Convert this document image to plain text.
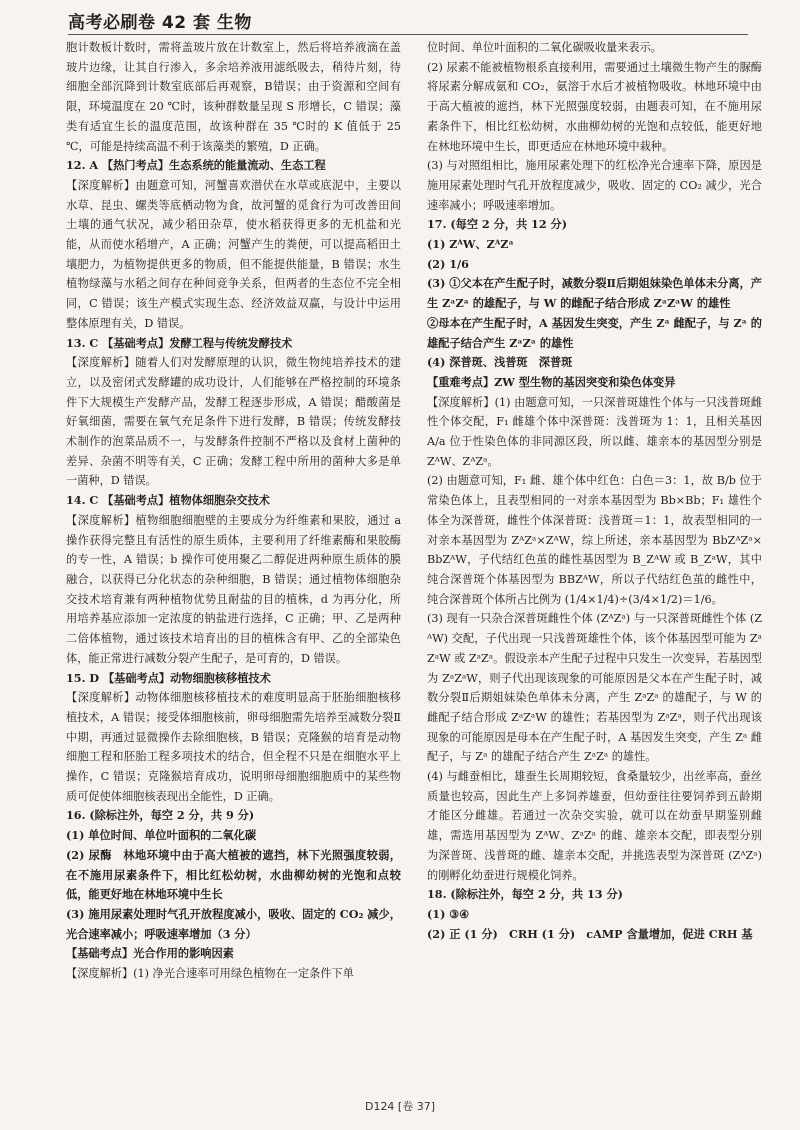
高考必刷卷 42 套 生物

胞计数板计数时，需将盖玻片放在计数室上，然后将培养液滴在盖玻片边缘，让其自行渗入，多余培养液用滤纸吸去，稍待片刻，待细胞全部沉降到计数室底部后再观察，B错误；由于资源和空间有限，环境温度在 20 ℃时，该种群数量呈现 S 形增长，C 错误；藻类有适宜生长的温度范围，故该种群在 35 ℃时的 K 值低于 25 ℃，可能是持续高温不利于该藻类的繁殖，D 正确。

12. A 【热门考点】生态系统的能量流动、生态工程

【深度解析】由题意可知，河蟹喜欢潜伏在水草或底泥中，主要以水草、昆虫、螺类等底栖动物为食，故河蟹的觅食行为可改善田间土壤的通气状况，减少稻田杂草，使水稻获得更多的无机盐和光能，从而使水稻增产，A 正确；河蟹产生的粪便，可以提高稻田土壤肥力，为植物提供更多的物质，但不能提供能量，B 错误；水生植物绿藻与水稻之间存在种间竞争关系，但两者的生态位不完全相同，C 错误；该生产模式实现生态、经济效益双赢，与设计中运用整体原理有关，D 错误。

13. C 【基础考点】发酵工程与传统发酵技术

【深度解析】随着人们对发酵原理的认识，微生物纯培养技术的建立，以及密闭式发酵罐的成功设计，人们能够在严格控制的环境条件下大规模生产发酵产品，发酵工程逐步形成，A 错误；醋酸菌是好氧细菌，需要在氧气充足条件下进行发酵，B 错误；传统发酵技术制作的泡菜品质不一，与发酵条件控制不严格以及食材上菌种的差异、杂菌不明等有关，C 正确；发酵工程中所用的菌种大多是单一菌种，D 错误。

14. C 【基础考点】植物体细胞杂交技术

【深度解析】植物细胞细胞壁的主要成分为纤维素和果胶，通过 a 操作获得完整且有活性的原生质体，主要利用了纤维素酶和果胶酶的专一性，A 错误；b 操作可使用聚乙二醇促进两种原生质体的膜融合，以获得已分化状态的杂种细胞，B 错误；通过植物体细胞杂交技术培育兼有两种植物优势且耐盐的目的植株，d 为再分化，所用培养基应添加一定浓度的钠盐进行选择，C 正确；甲、乙是两种二倍体植物，通过该技术培育出的目的植株含有甲、乙的全部染色体，能正常进行减数分裂产生配子，是可育的，D 错误。

15. D 【基础考点】动物细胞核移植技术

【深度解析】动物体细胞核移植技术的难度明显高于胚胎细胞核移植技术，A 错误；接受体细胞核前，卵母细胞需先培养至减数分裂Ⅱ中期，再通过显微操作去除细胞核，B 错误；克隆猴的培育是动物细胞工程和胚胎工程多项技术的结合，但全程不只是在细胞水平上操作，C 错误；克隆猴培育成功，说明卵母细胞细胞质中的某些物质可促使体细胞核表现出全能性，D 正确。

16. (除标注外，每空 2 分，共 9 分)

(1) 单位时间、单位叶面积的二氧化碳

(2) 尿酶　林地环境中由于高大植被的遮挡，林下光照强度较弱，在不施用尿素条件下，相比红松幼树，水曲柳幼树的光饱和点较低，能更好地在林地环境中生长

(3) 施用尿素处理时气孔开放程度减小，吸收、固定的 CO₂ 减少，光合速率减小；呼吸速率增加（3 分）

【基础考点】光合作用的影响因素

【深度解析】(1) 净光合速率可用绿色植物在一定条件下单

位时间、单位叶面积的二氧化碳吸收量来表示。

(2) 尿素不能被植物根系直接利用，需要通过土壤微生物产生的脲酶将尿素分解成氨和 CO₂，氨溶于水后才被植物吸收。林地环境中由于高大植被的遮挡，林下光照强度较弱，由题表可知，在不施用尿素条件下，相比红松幼树，水曲柳幼树的光饱和点较低，能更好地在林地环境中生长，即更适应在林地环境中栽种。

(3) 与对照组相比，施用尿素处理下的红松净光合速率下降，原因是施用尿素处理时气孔开放程度减少，吸收、固定的 CO₂ 减少，光合速率减小；呼吸速率增加。

17. (每空 2 分，共 12 分)

(1) ZᴬW、ZᴬZᵃ

(2) 1/6

(3) ①父本在产生配子时，减数分裂Ⅱ后期姐妹染色单体未分离，产生 ZᵃZᵃ 的雄配子，与 W 的雌配子结合形成 ZᵃZᵃW 的雄性

②母本在产生配子时，A 基因发生突变，产生 Zᵃ 雌配子，与 Zᵃ 的雄配子结合产生 ZᵃZᵃ 的雄性

(4) 深普斑、浅普斑　深普斑

【重难考点】ZW 型生物的基因突变和染色体变异

【深度解析】(1) 由题意可知，一只深普斑雄性个体与一只浅普斑雌性个体交配，F₁ 雌雄个体中深普斑：浅普斑为 1：1，且相关基因 A/a 位于性染色体的非同源区段，所以雌、雄亲本的基因型分别是 ZᴬW、ZᴬZᵃ。

(2) 由题意可知，F₁ 雌、雄个体中红色：白色＝3：1，故 B/b 位于常染色体上，且表型相同的一对亲本基因型为 Bb×Bb；F₁ 雄性个体全为深普斑，雌性个体深普斑：浅普斑＝1：1，故表型相同的一对亲本基因型为 ZᴬZᵃ×ZᴬW，综上所述，亲本基因型为 BbZᴬZᵃ×BbZᴬW，子代结红色茧的雌性基因型为 B_ZᴬW 或 B_ZᵃW，其中纯合深普斑个体基因型为 BBZᴬW，所以子代结红色茧的雌性中，纯合深普斑个体所占比例为 (1/4×1/4)÷(3/4×1/2)＝1/6。

(3) 现有一只杂合深普斑雌性个体 (ZᴬZᵃ) 与一只深普斑雌性个体 (ZᴬW) 交配，子代出现一只浅普斑雄性个体，该个体基因型可能为 ZᵃZᵃW 或 ZᵃZᵃ。假设亲本产生配子过程中只发生一次变异，若基因型为 ZᵃZᵃW，则子代出现该现象的可能原因是父本在产生配子时，减数分裂Ⅱ后期姐妹染色单体未分离，产生 ZᵃZᵃ 的雄配子，与 W 的雌配子结合形成 ZᵃZᵃW 的雄性；若基因型为 ZᵃZᵃ，则子代出现该现象的可能原因是母本在产生配子时，A 基因发生突变，产生 Zᵃ 雌配子，与 Zᵃ 的雄配子结合产生 ZᵃZᵃ 的雄性。

(4) 与雌蚕相比，雄蚕生长周期较短，食桑量较少，出丝率高，蚕丝质量也较高，因此生产上多饲养雄蚕，但幼蚕往往要饲养到五龄期才能区分雌雄。若通过一次杂交实验，就可以在幼蚕早期鉴别雌雄，需选用基因型为 ZᴬW、ZᵃZᵃ 的雌、雄亲本交配，即表型分别为深普斑、浅普斑的雌、雄亲本交配，并挑选表型为深普斑 (ZᴬZᵃ) 的刚孵化幼蚕进行规模化饲养。

18. (除标注外，每空 2 分，共 13 分)

(1) ③④

(2) 正 (1 分)　CRH (1 分)　cAMP 含量增加，促进 CRH 基

D124 [卷 37]
